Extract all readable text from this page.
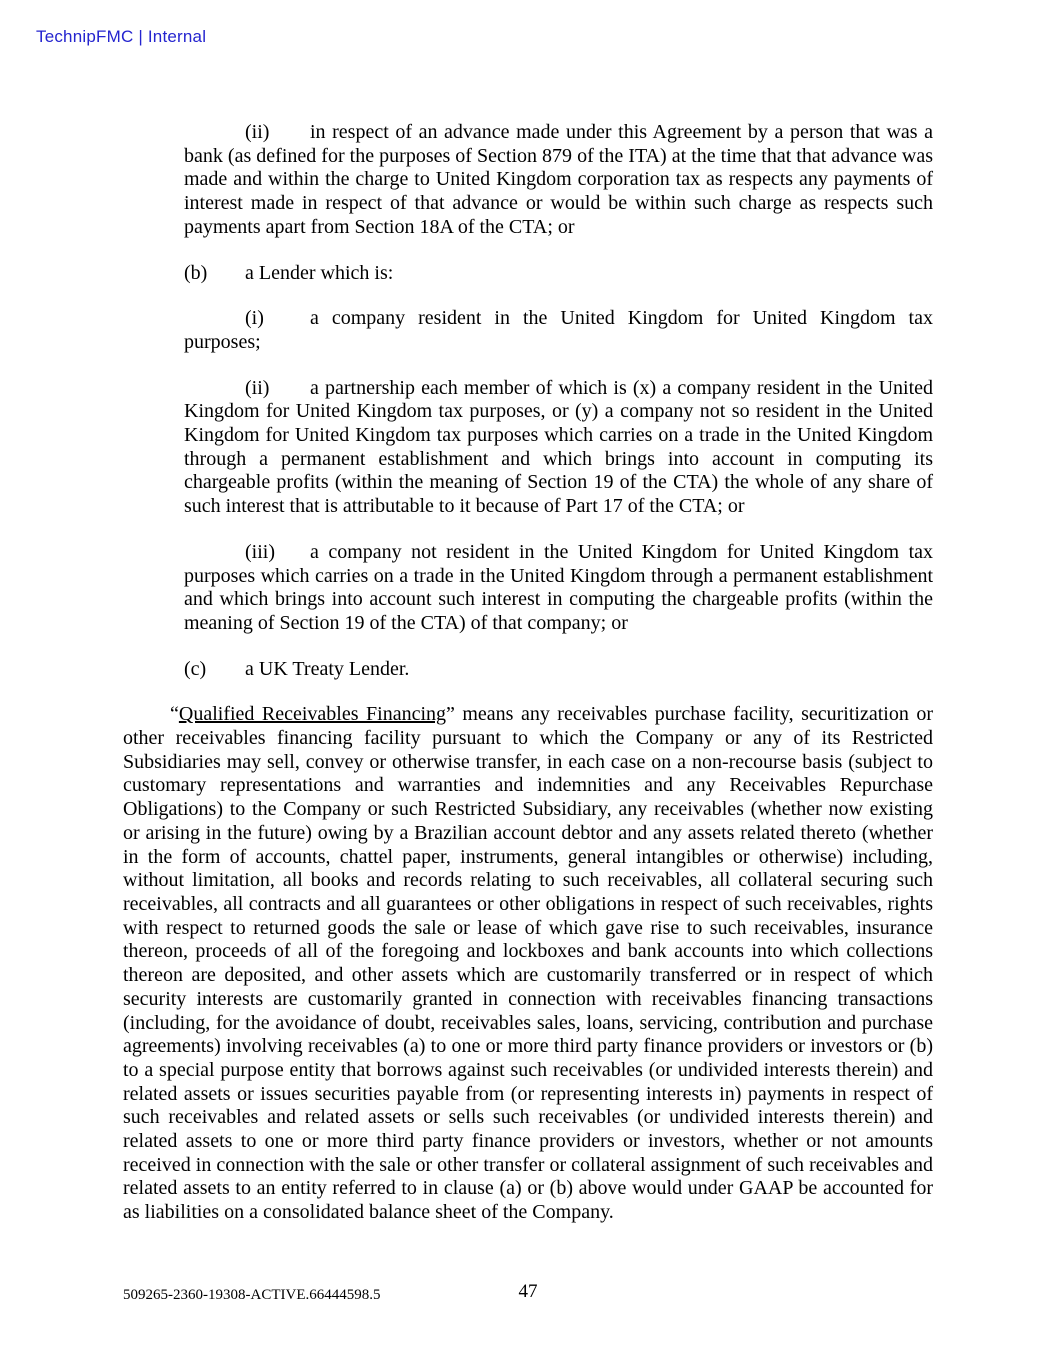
TechnipFMC | Internal

(ii) in respect of an advance made under this Agreement by a person that was a bank (as defined for the purposes of Section 879 of the ITA) at the time that that advance was made and within the charge to United Kingdom corporation tax as respects any payments of interest made in respect of that advance or would be within such charge as respects such payments apart from Section 18A of the CTA; or

(b) a Lender which is:

(i) a company resident in the United Kingdom for United Kingdom tax purposes;

(ii) a partnership each member of which is (x) a company resident in the United Kingdom for United Kingdom tax purposes, or (y) a company not so resident in the United Kingdom for United Kingdom tax purposes which carries on a trade in the United Kingdom through a permanent establishment and which brings into account in computing its chargeable profits (within the meaning of Section 19 of the CTA) the whole of any share of such interest that is attributable to it because of Part 17 of the CTA; or

(iii) a company not resident in the United Kingdom for United Kingdom tax purposes which carries on a trade in the United Kingdom through a permanent establishment and which brings into account such interest in computing the chargeable profits (within the meaning of Section 19 of the CTA) of that company; or

(c) a UK Treaty Lender.

“Qualified Receivables Financing” means any receivables purchase facility, securitization or other receivables financing facility pursuant to which the Company or any of its Restricted Subsidiaries may sell, convey or otherwise transfer, in each case on a non-recourse basis (subject to customary representations and warranties and indemnities and any Receivables Repurchase Obligations) to the Company or such Restricted Subsidiary, any receivables (whether now existing or arising in the future) owing by a Brazilian account debtor and any assets related thereto (whether in the form of accounts, chattel paper, instruments, general intangibles or otherwise) including, without limitation, all books and records relating to such receivables, all collateral securing such receivables, all contracts and all guarantees or other obligations in respect of such receivables, rights with respect to returned goods the sale or lease of which gave rise to such receivables, insurance thereon, proceeds of all of the foregoing and lockboxes and bank accounts into which collections thereon are deposited, and other assets which are customarily transferred or in respect of which security interests are customarily granted in connection with receivables financing transactions (including, for the avoidance of doubt, receivables sales, loans, servicing, contribution and purchase agreements) involving receivables (a) to one or more third party finance providers or investors or (b) to a special purpose entity that borrows against such receivables (or undivided interests therein) and related assets or issues securities payable from (or representing interests in) payments in respect of such receivables and related assets or sells such receivables (or undivided interests therein) and related assets to one or more third party finance providers or investors, whether or not amounts received in connection with the sale or other transfer or collateral assignment of such receivables and related assets to an entity referred to in clause (a) or (b) above would under GAAP be accounted for as liabilities on a consolidated balance sheet of the Company.

47
509265-2360-19308-ACTIVE.66444598.5
